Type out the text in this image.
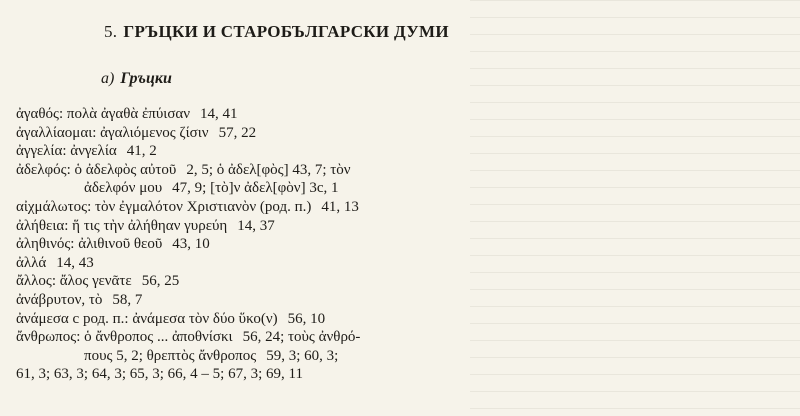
5. ГРЪЦКИ И СТАРОБЪЛГАРСКИ ДУМИ
а) Гръцки
ἀγαθός: πολὰ ἀγαθὰ ἐπύισαν 14, 41
ἀγαλλίαομαι: ἀγαλιόμενος ζίσιν 57, 22
ἀγγελία: ἀνγελία 41, 2
ἀδελφός: ὁ ἀδελφὸς αὐτοῦ 2, 5; ὁ ἀδελ[φὸς] 43, 7; τὸν
ἀδελφόν μου 47, 9; [τὸ]ν ἀδελ[φὸν] 3c, 1
αἰχμάλωτος: τὸν ἐγμαλότον Χριστιανὸν (род. п.) 41, 13
ἀλήθεια: ἥ τις τὴν ἀλήθηαν γυρεύη 14, 37
ἀληθινός: ἀλιθινοῦ θεοῦ 43, 10
ἀλλά 14, 43
ἄλλος: ἄλος γενᾶτε 56, 25
ἀνάβρυτον, τὸ 58, 7
ἀνάμεσα с род. п.: ἀνάμεσα τὸν δύο ὕκο(ν) 56, 10
ἄνθρωπος: ὁ ἄνθροπος ... ἀποθνίσκι 56, 24; τοὺς ἀνθρό-
πους 5, 2; θρεπτὸς ἄνθροπος 59, 3; 60, 3;
61, 3; 63, 3; 64, 3; 65, 3; 66, 4 – 5; 67, 3; 69, 11
